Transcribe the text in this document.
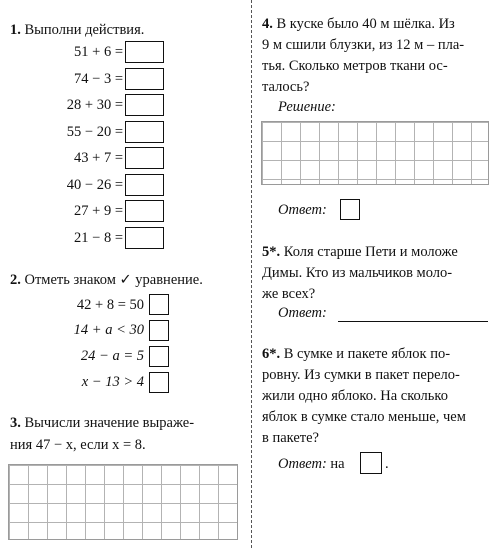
1. Выполни действия.
51 + 6 =
74 − 3 =
28 + 30 =
55 − 20 =
43 + 7 =
40 − 26 =
27 + 9 =
21 − 8 =
2. Отметь знаком ✓ уравнение.
42 + 8 = 50
14 + a < 30
24 − a = 5
x − 13 > 4
3. Вычисли значение выраже-
ния 47 − x, если x = 8.
4. В куске было 40 м шёлка. Из
9 м сшили блузки, из 12 м – пла-
тья. Сколько метров ткани ос-
талось?
Решение:
Ответ:
5*. Коля старше Пети и моложе
Димы. Кто из мальчиков моло-
же всех?
Ответ:
6*. В сумке и пакете яблок по-
ровну. Из сумки в пакет перело-
жили одно яблоко. На сколько
яблок в сумке стало меньше, чем
в пакете?
Ответ: на	.
